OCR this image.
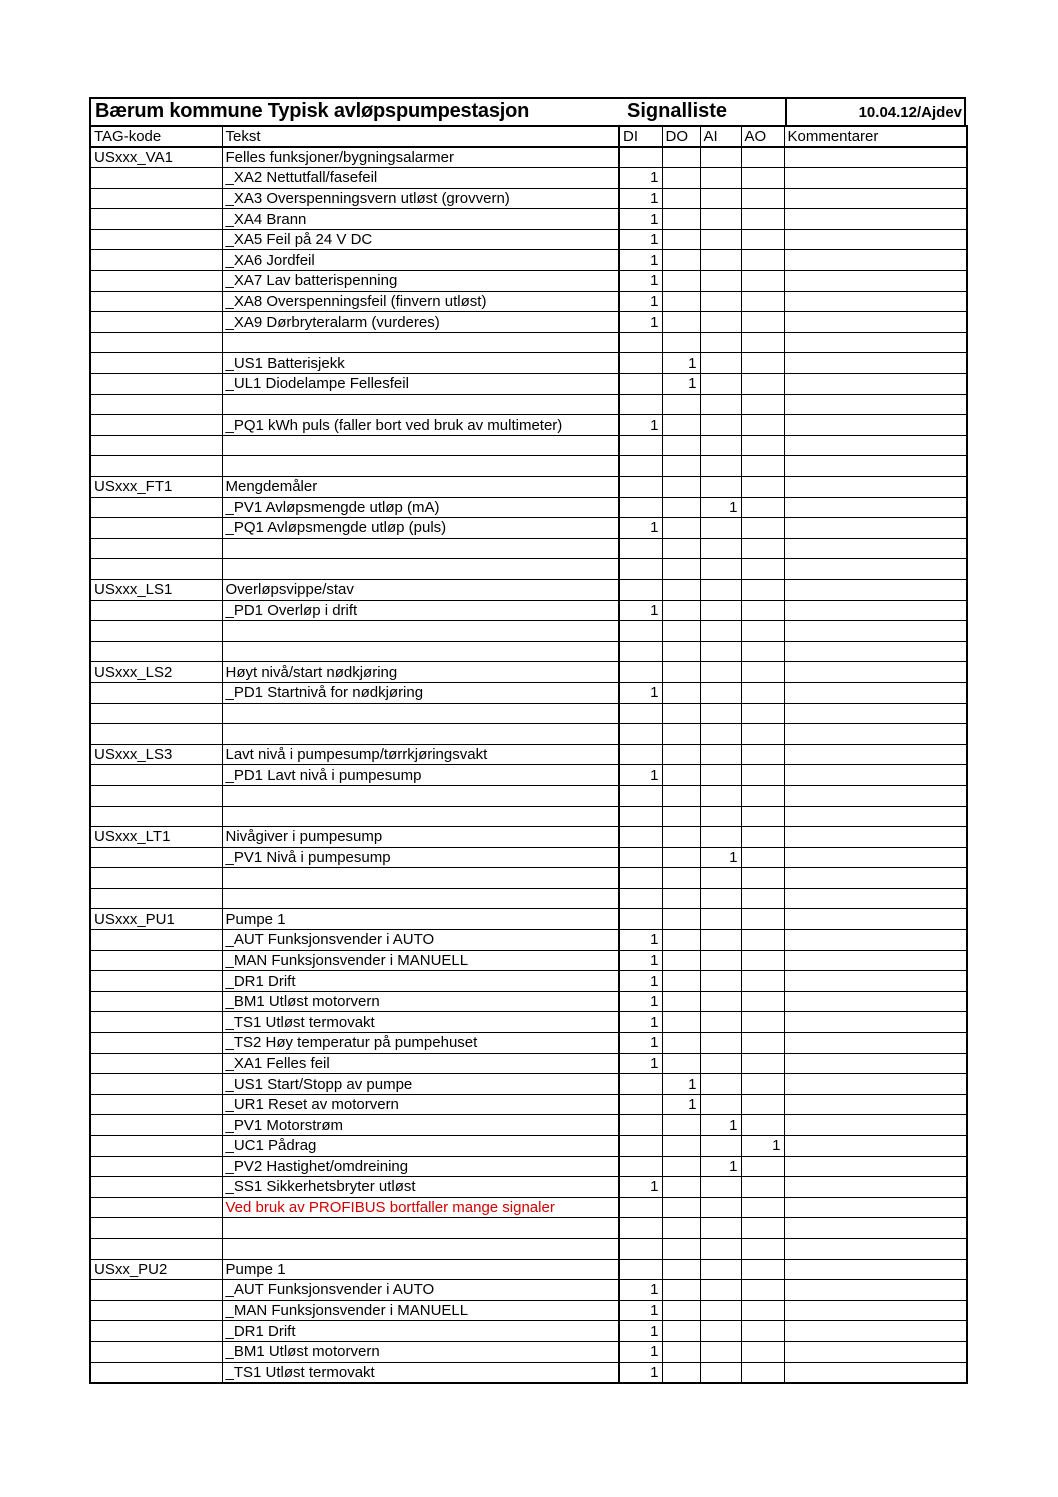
Bærum kommune Typisk avløpspumpestasjon	Signalliste	10.04.12/Ajdev
TAG-kode	Tekst	DI	DO	AI	AO	Kommentarer
USxxx_VA1	Felles funksjoner/bygningsalarmer					
	_XA2 Nettutfall/fasefeil	1				
	_XA3 Overspenningsvern utløst (grovvern)	1				
	_XA4 Brann	1				
	_XA5 Feil på 24 V DC	1				
	_XA6 Jordfeil	1				
	_XA7 Lav batterispenning	1				
	_XA8 Overspenningsfeil (finvern utløst)	1				
	_XA9 Dørbryteralarm (vurderes)	1				

	_US1 Batterisjekk		1			
	_UL1 Diodelampe Fellesfeil		1			

	_PQ1 kWh puls (faller bort ved bruk av multimeter)	1				

USxxx_FT1	Mengdemåler					
	_PV1 Avløpsmengde utløp (mA)			1		
	_PQ1 Avløpsmengde utløp (puls)	1				

USxxx_LS1	Overløpsvippe/stav					
	_PD1 Overløp i drift	1				

USxxx_LS2	Høyt nivå/start nødkjøring					
	_PD1 Startnivå for nødkjøring	1				

USxxx_LS3	Lavt nivå i pumpesump/tørrkjøringsvakt					
	_PD1 Lavt nivå i pumpesump	1				

USxxx_LT1	Nivågiver i pumpesump					
	_PV1 Nivå i pumpesump			1		

USxxx_PU1	Pumpe 1					
	_AUT Funksjonsvender i AUTO	1				
	_MAN Funksjonsvender i MANUELL	1				
	_DR1 Drift	1				
	_BM1 Utløst motorvern	1				
	_TS1 Utløst termovakt	1				
	_TS2 Høy temperatur på pumpehuset	1				
	_XA1 Felles feil	1				
	_US1 Start/Stopp av pumpe		1			
	_UR1 Reset av motorvern		1			
	_PV1 Motorstrøm			1		
	_UC1 Pådrag				1	
	_PV2 Hastighet/omdreining			1		
	_SS1 Sikkerhetsbryter utløst	1				
	Ved bruk av PROFIBUS bortfaller mange signaler					

USxx_PU2	Pumpe 1					
	_AUT Funksjonsvender i AUTO	1				
	_MAN Funksjonsvender i MANUELL	1				
	_DR1 Drift	1				
	_BM1 Utløst motorvern	1				
	_TS1 Utløst termovakt	1				
